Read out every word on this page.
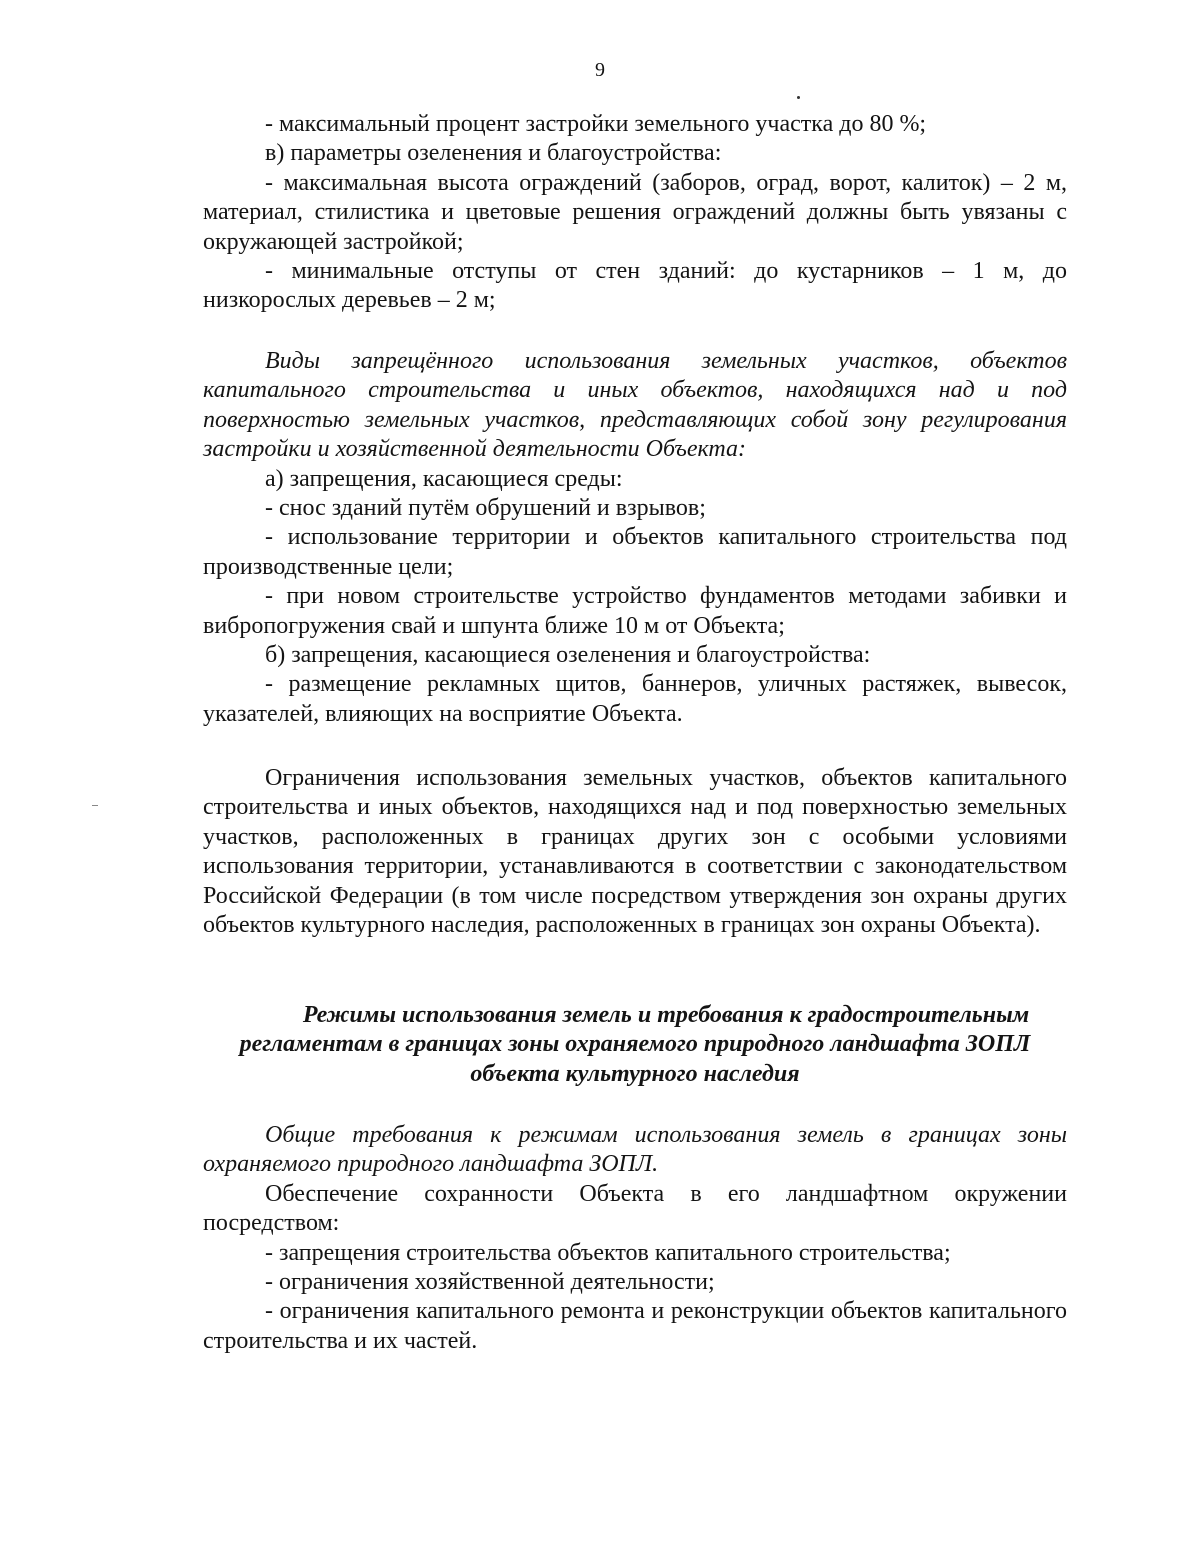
9

- максимальный процент застройки земельного участка до 80 %;

в) параметры озеленения и благоустройства:

- максимальная высота ограждений (заборов, оград, ворот, калиток) – 2 м, материал, стилистика и цветовые решения ограждений должны быть увязаны с окружающей застройкой;

- минимальные отступы от стен зданий: до кустарников – 1 м, до низкорослых деревьев – 2 м;

Виды запрещённого использования земельных участков, объектов капитального строительства и иных объектов, находящихся над и под поверхностью земельных участков, представляющих собой зону регулирования застройки и хозяйственной деятельности Объекта:

а) запрещения, касающиеся среды:

- снос зданий путём обрушений и взрывов;

- использование территории и объектов капитального строительства под производственные цели;

- при новом строительстве устройство фундаментов методами забивки и вибропогружения свай и шпунта ближе 10 м от Объекта;

б) запрещения, касающиеся озеленения и благоустройства:

- размещение рекламных щитов, баннеров, уличных растяжек, вывесок, указателей, влияющих на восприятие Объекта.

Ограничения использования земельных участков, объектов капитального строительства и иных объектов, находящихся над и под поверхностью земельных участков, расположенных в границах других зон с особыми условиями использования территории, устанавливаются в соответствии с законодательством Российской Федерации (в том числе посредством утверждения зон охраны других объектов культурного наследия, расположенных в границах зон охраны Объекта).

Режимы использования земель и требования к градостроительным
регламентам в границах зоны охраняемого природного ландшафта ЗОПЛ
объекта культурного наследия

Общие требования к режимам использования земель в границах зоны охраняемого природного ландшафта ЗОПЛ.

Обеспечение сохранности Объекта в его ландшафтном окружении посредством:

- запрещения строительства объектов капитального строительства;

- ограничения хозяйственной деятельности;

- ограничения капитального ремонта и реконструкции объектов капитального строительства и их частей.
